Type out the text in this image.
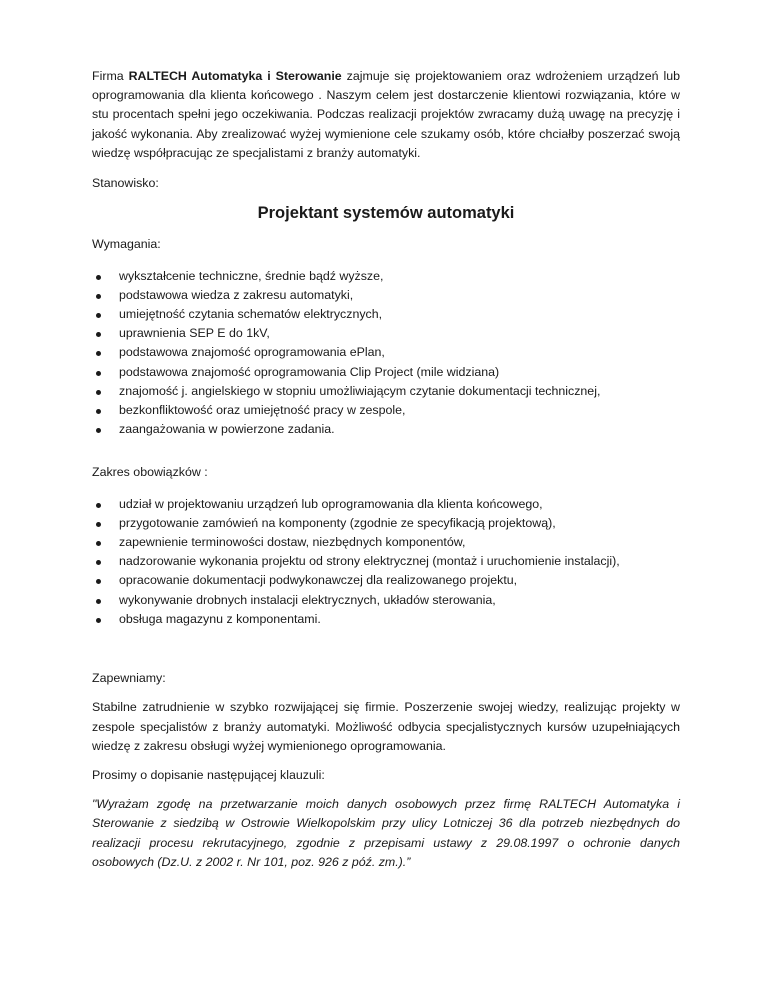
Firma RALTECH Automatyka i Sterowanie zajmuje się projektowaniem oraz wdrożeniem urządzeń lub oprogramowania dla klienta końcowego . Naszym celem jest dostarczenie klientowi rozwiązania, które w stu procentach spełni jego oczekiwania. Podczas realizacji projektów zwracamy dużą uwagę na precyzję i jakość wykonania. Aby zrealizować wyżej wymienione cele szukamy osób, które chciałby poszerzać swoją wiedzę współpracując ze specjalistami z branży automatyki.

Stanowisko:

Projektant systemów automatyki

Wymagania:

wykształcenie techniczne, średnie bądź wyższe,
podstawowa wiedza z zakresu automatyki,
umiejętność czytania schematów elektrycznych,
uprawnienia SEP E do 1kV,
podstawowa znajomość oprogramowania ePlan,
podstawowa znajomość oprogramowania Clip Project (mile widziana)
znajomość j. angielskiego w stopniu umożliwiającym czytanie dokumentacji technicznej,
bezkonfliktowość oraz umiejętność pracy w zespole,
zaangażowania w powierzone zadania.

Zakres obowiązków :

udział w projektowaniu urządzeń lub oprogramowania dla klienta końcowego,
przygotowanie zamówień na komponenty (zgodnie ze specyfikacją projektową),
zapewnienie terminowości dostaw, niezbędnych komponentów,
nadzorowanie wykonania projektu od strony elektrycznej (montaż i uruchomienie instalacji),
opracowanie dokumentacji podwykonawczej dla realizowanego projektu,
wykonywanie drobnych instalacji elektrycznych, układów sterowania,
obsługa magazynu z komponentami.

Zapewniamy:

Stabilne zatrudnienie w szybko rozwijającej się firmie. Poszerzenie swojej wiedzy, realizując projekty w zespole specjalistów z branży automatyki. Możliwość odbycia specjalistycznych kursów uzupełniających wiedzę z zakresu obsługi wyżej wymienionego oprogramowania.

Prosimy o dopisanie następującej klauzuli:

"Wyrażam zgodę na przetwarzanie moich danych osobowych przez firmę RALTECH Automatyka i Sterowanie z siedzibą w Ostrowie Wielkopolskim przy ulicy Lotniczej 36 dla potrzeb niezbędnych do realizacji procesu rekrutacyjnego, zgodnie z przepisami ustawy z 29.08.1997 o ochronie danych osobowych (Dz.U. z 2002 r. Nr 101, poz. 926 z póź. zm.).”
